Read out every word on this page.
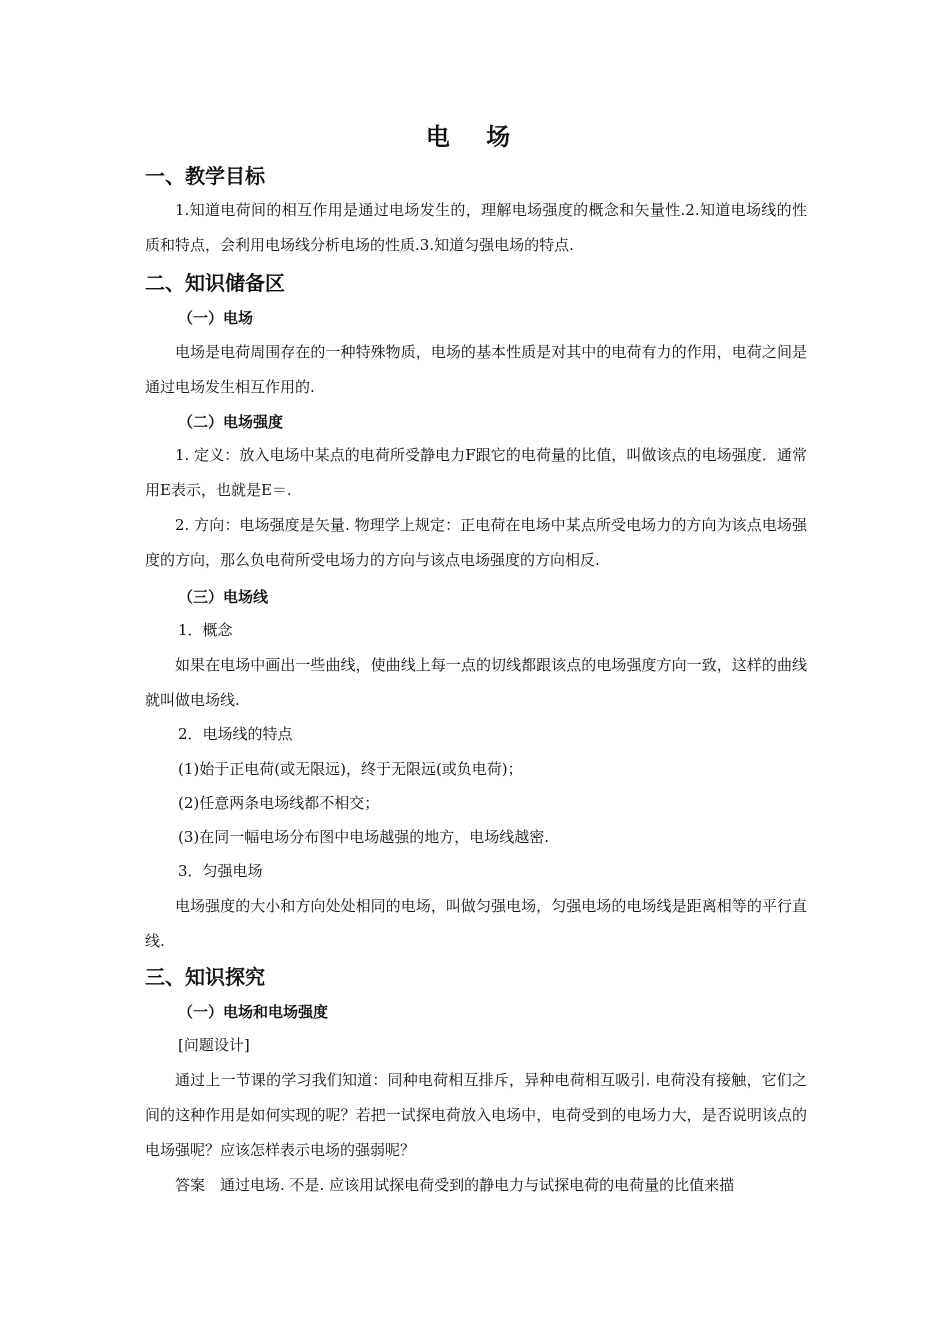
电 场
一、教学目标

1.知道电荷间的相互作用是通过电场发生的，理解电场强度的概念和矢量性.2.知道电场线的性质和特点，会利用电场线分析电场的性质.3.知道匀强电场的特点.

二、知识储备区
（一）电场

电场是电荷周围存在的一种特殊物质，电场的基本性质是对其中的电荷有力的作用，电荷之间是通过电场发生相互作用的.

（二）电场强度

1. 定义：放入电场中某点的电荷所受静电力F跟它的电荷量的比值，叫做该点的电场强度．通常用E表示，也就是E＝.

2. 方向：电场强度是矢量. 物理学上规定：正电荷在电场中某点所受电场力的方向为该点电场强度的方向，那么负电荷所受电场力的方向与该点电场强度的方向相反.

（三）电场线

1．概念

如果在电场中画出一些曲线，使曲线上每一点的切线都跟该点的电场强度方向一致，这样的曲线就叫做电场线.

2．电场线的特点

(1)始于正电荷(或无限远)，终于无限远(或负电荷)；

(2)任意两条电场线都不相交；

(3)在同一幅电场分布图中电场越强的地方，电场线越密.

3．匀强电场

电场强度的大小和方向处处相同的电场，叫做匀强电场，匀强电场的电场线是距离相等的平行直线.

三、知识探究
（一）电场和电场强度

[问题设计]

通过上一节课的学习我们知道：同种电荷相互排斥，异种电荷相互吸引. 电荷没有接触，它们之间的这种作用是如何实现的呢？若把一试探电荷放入电场中，电荷受到的电场力大，是否说明该点的电场强呢？应该怎样表示电场的强弱呢？

答案　通过电场. 不是. 应该用试探电荷受到的静电力与试探电荷的电荷量的比值来描
